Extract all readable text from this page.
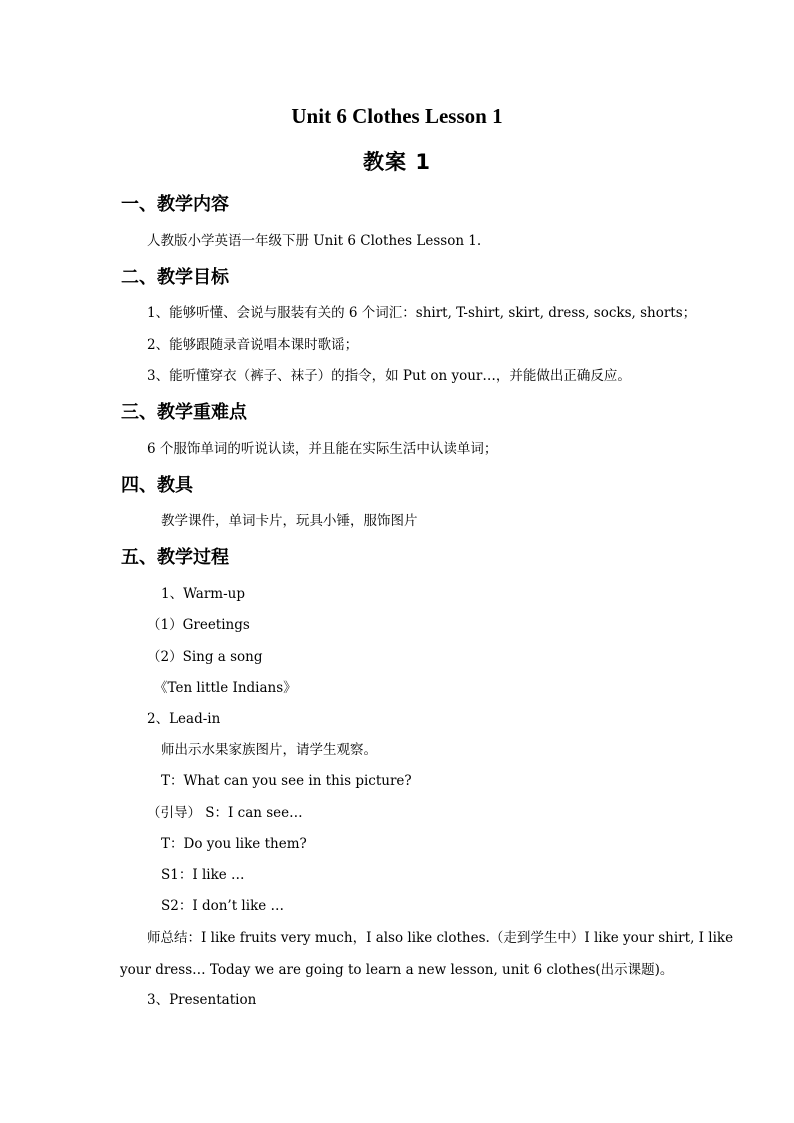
Unit 6 Clothes Lesson 1
教案 1
一、教学内容
人教版小学英语一年级下册 Unit 6 Clothes Lesson 1.
二、教学目标
1、能够听懂、会说与服装有关的 6 个词汇：shirt, T-shirt, skirt, dress, socks, shorts；
2、能够跟随录音说唱本课时歌谣；
3、能听懂穿衣（裤子、袜子）的指令，如 Put on your…，并能做出正确反应。
三、教学重难点
6 个服饰单词的听说认读，并且能在实际生活中认读单词；
四、教具
教学课件，单词卡片，玩具小锤，服饰图片
五、教学过程
1、Warm-up
（1）Greetings
（2）Sing a song
《Ten little Indians》
2、Lead-in
师出示水果家族图片，请学生观察。
T：What can you see in this picture?
（引导） S：I can see…
T：Do you like them?
S1：I like …
S2：I don’t like …
师总结：I like fruits very much，I also like clothes.（走到学生中）I like your shirt, I like
your dress… Today we are going to learn a new lesson, unit 6 clothes(出示课题)。
3、Presentation
